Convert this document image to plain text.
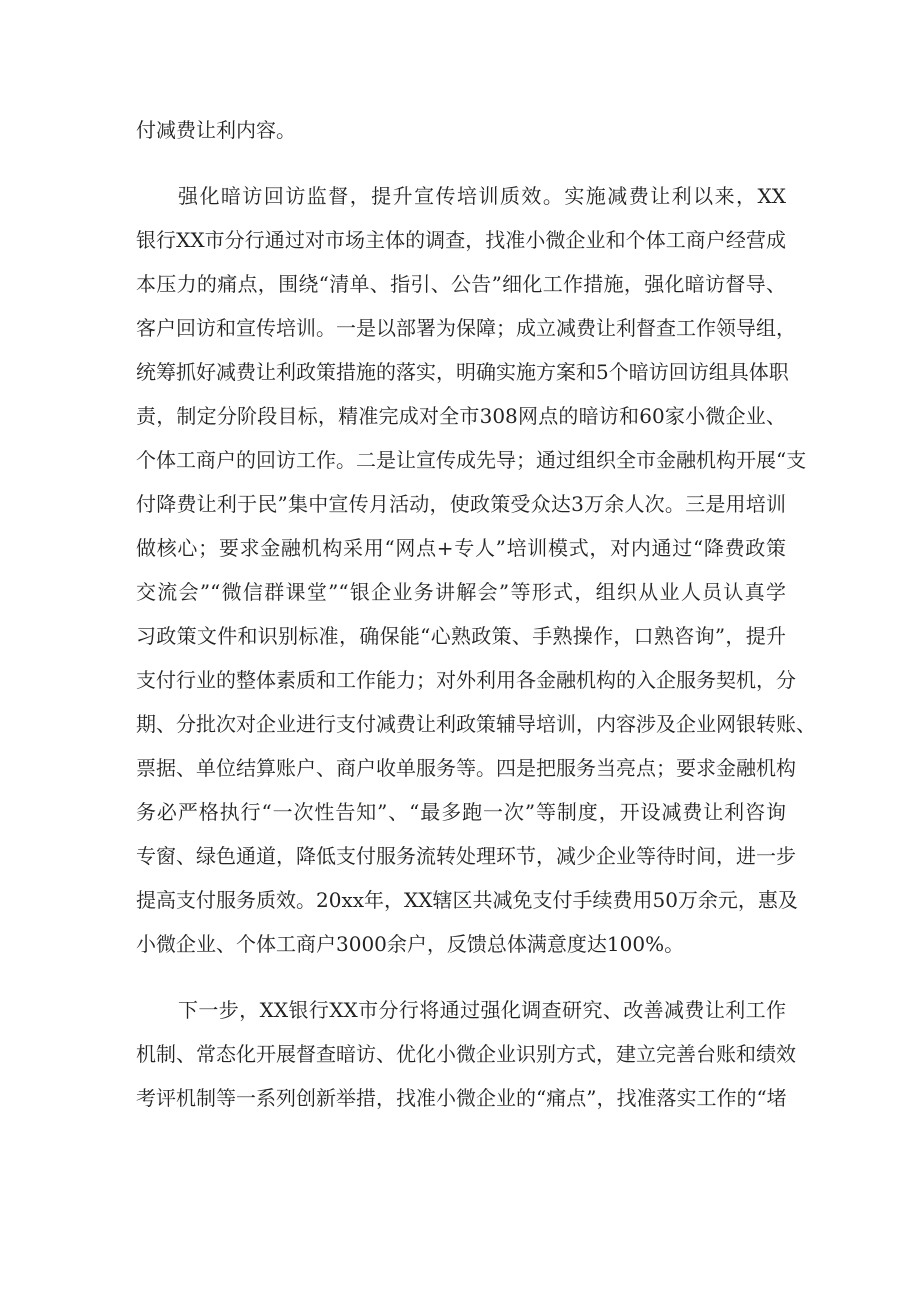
付减费让利内容。
强化暗访回访监督，提升宣传培训质效。实施减费让利以来，XX
银行XX市分行通过对市场主体的调查，找准小微企业和个体工商户经营成
本压力的痛点，围绕“清单、指引、公告”细化工作措施，强化暗访督导、
客户回访和宣传培训。一是以部署为保障；成立减费让利督查工作领导组，
统筹抓好减费让利政策措施的落实，明确实施方案和5个暗访回访组具体职
责，制定分阶段目标，精准完成对全市308网点的暗访和60家小微企业、
个体工商户的回访工作。二是让宣传成先导；通过组织全市金融机构开展“支
付降费让利于民”集中宣传月活动，使政策受众达3万余人次。三是用培训
做核心；要求金融机构采用“网点+专人”培训模式，对内通过“降费政策
交流会”“微信群课堂”“银企业务讲解会”等形式，组织从业人员认真学
习政策文件和识别标准，确保能“心熟政策、手熟操作，口熟咨询”，提升
支付行业的整体素质和工作能力；对外利用各金融机构的入企服务契机，分
期、分批次对企业进行支付减费让利政策辅导培训，内容涉及企业网银转账、
票据、单位结算账户、商户收单服务等。四是把服务当亮点；要求金融机构
务必严格执行“一次性告知”、“最多跑一次”等制度，开设减费让利咨询
专窗、绿色通道，降低支付服务流转处理环节，减少企业等待时间，进一步
提高支付服务质效。20xx年，XX辖区共减免支付手续费用50万余元，惠及
小微企业、个体工商户3000余户，反馈总体满意度达100%。
下一步，XX银行XX市分行将通过强化调查研究、改善减费让利工作
机制、常态化开展督查暗访、优化小微企业识别方式，建立完善台账和绩效
考评机制等一系列创新举措，找准小微企业的“痛点”，找准落实工作的“堵
